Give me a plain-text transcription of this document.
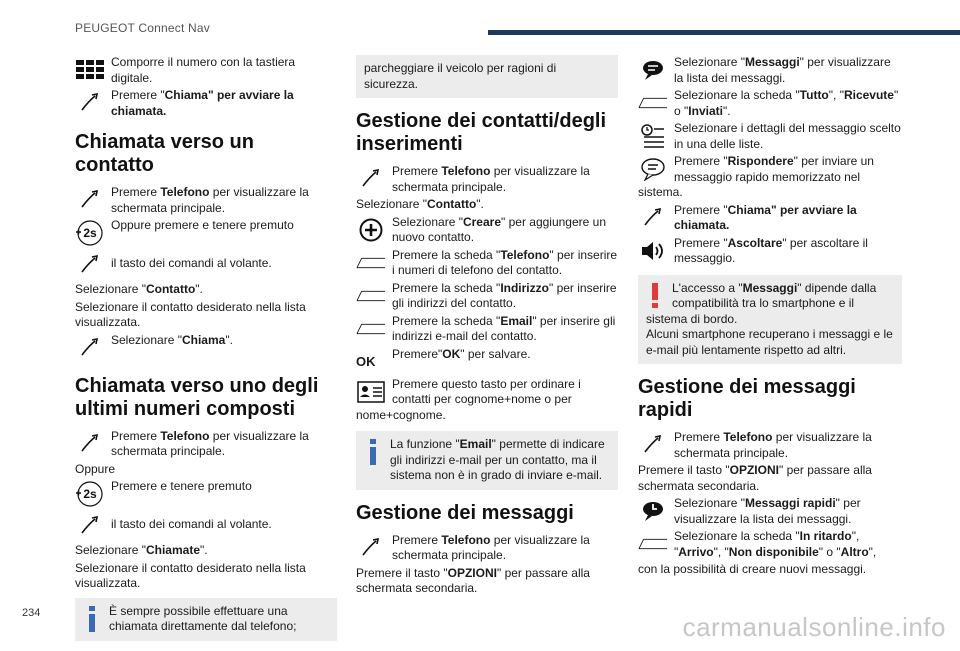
PEUGEOT Connect Nav
Comporre il numero con la tastiera digitale.
Premere "Chiama" per avviare la chiamata.
Chiamata verso un contatto
Premere Telefono per visualizzare la schermata principale.
2s
Oppure premere e tenere premuto
il tasto dei comandi al volante.
Selezionare "Contatto".
Selezionare il contatto desiderato nella lista visualizzata.
Selezionare "Chiama".
Chiamata verso uno degli ultimi numeri composti
Premere Telefono per visualizzare la schermata principale.
Oppure
2s
Premere e tenere premuto
il tasto dei comandi al volante.
Selezionare "Chiamate".
Selezionare il contatto desiderato nella lista visualizzata.
È sempre possibile effettuare una chiamata direttamente dal telefono;
parcheggiare il veicolo per ragioni di sicurezza.
Gestione dei contatti/degli inserimenti
Premere Telefono per visualizzare la schermata principale.
Selezionare "Contatto".
Selezionare "Creare" per aggiungere un nuovo contatto.
Premere la scheda "Telefono" per inserire i numeri di telefono del contatto.
Premere la scheda "Indirizzo" per inserire gli indirizzi del contatto.
Premere la scheda "Email" per inserire gli indirizzi e-mail del contatto.
OK
Premere"OK" per salvare.
Premere questo tasto per ordinare i contatti per cognome+nome o per
nome+cognome.
La funzione "Email" permette di indicare gli indirizzi e-mail per un contatto, ma il sistema non è in grado di inviare e-mail.
Gestione dei messaggi
Premere Telefono per visualizzare la schermata principale.
Premere il tasto "OPZIONI" per passare alla schermata secondaria.
Selezionare "Messaggi" per visualizzare la lista dei messaggi.
Selezionare la scheda "Tutto", "Ricevute" o "Inviati".
Selezionare i dettagli del messaggio scelto in una delle liste.
Premere "Rispondere" per inviare un messaggio rapido memorizzato nel
sistema.
Premere "Chiama" per avviare la chiamata.
Premere "Ascoltare" per ascoltare il messaggio.
L'accesso a "Messaggi" dipende dalla compatibilità tra lo smartphone e il
sistema di bordo.
Alcuni smartphone recuperano i messaggi e le e-mail più lentamente rispetto ad altri.
Gestione dei messaggi rapidi
Premere Telefono per visualizzare la schermata principale.
Premere il tasto "OPZIONI" per passare alla schermata secondaria.
Selezionare "Messaggi rapidi" per visualizzare la lista dei messaggi.
Selezionare la scheda "In ritardo",
"Arrivo", "Non disponibile" o "Altro",
con la possibilità di creare nuovi messaggi.
234	carmanualsonline.info
